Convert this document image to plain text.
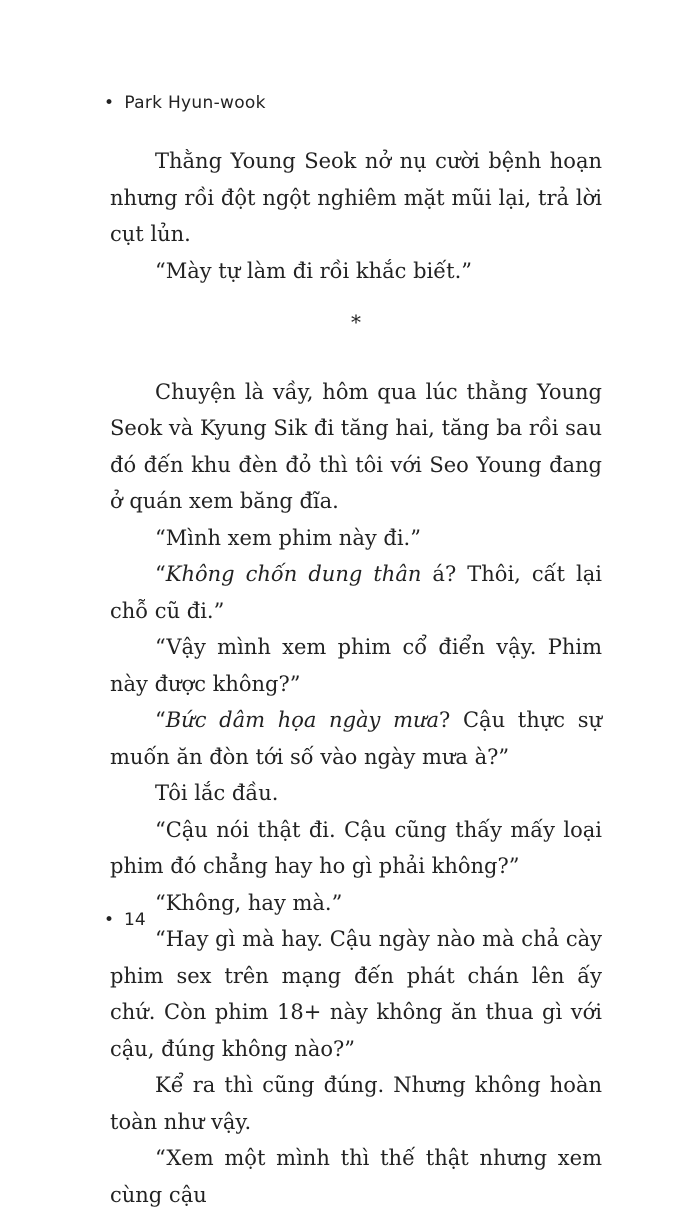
• Park Hyun-wook

Thằng Young Seok nở nụ cười bệnh hoạn nhưng rồi đột ngột nghiêm mặt mũi lại, trả lời cụt lủn.

“Mày tự làm đi rồi khắc biết.”

*

Chuyện là vầy, hôm qua lúc thằng Young Seok và Kyung Sik đi tăng hai, tăng ba rồi sau đó đến khu đèn đỏ thì tôi với Seo Young đang ở quán xem băng đĩa.

“Mình xem phim này đi.”

“Không chốn dung thân á? Thôi, cất lại chỗ cũ đi.”

“Vậy mình xem phim cổ điển vậy. Phim này được không?”

“Bức dâm họa ngày mưa? Cậu thực sự muốn ăn đòn tới số vào ngày mưa à?”

Tôi lắc đầu.

“Cậu nói thật đi. Cậu cũng thấy mấy loại phim đó chẳng hay ho gì phải không?”

“Không, hay mà.”

“Hay gì mà hay. Cậu ngày nào mà chả cày phim sex trên mạng đến phát chán lên ấy chứ. Còn phim 18+ này không ăn thua gì với cậu, đúng không nào?”

Kể ra thì cũng đúng. Nhưng không hoàn toàn như vậy.

“Xem một mình thì thế thật nhưng xem cùng cậu

• 14
